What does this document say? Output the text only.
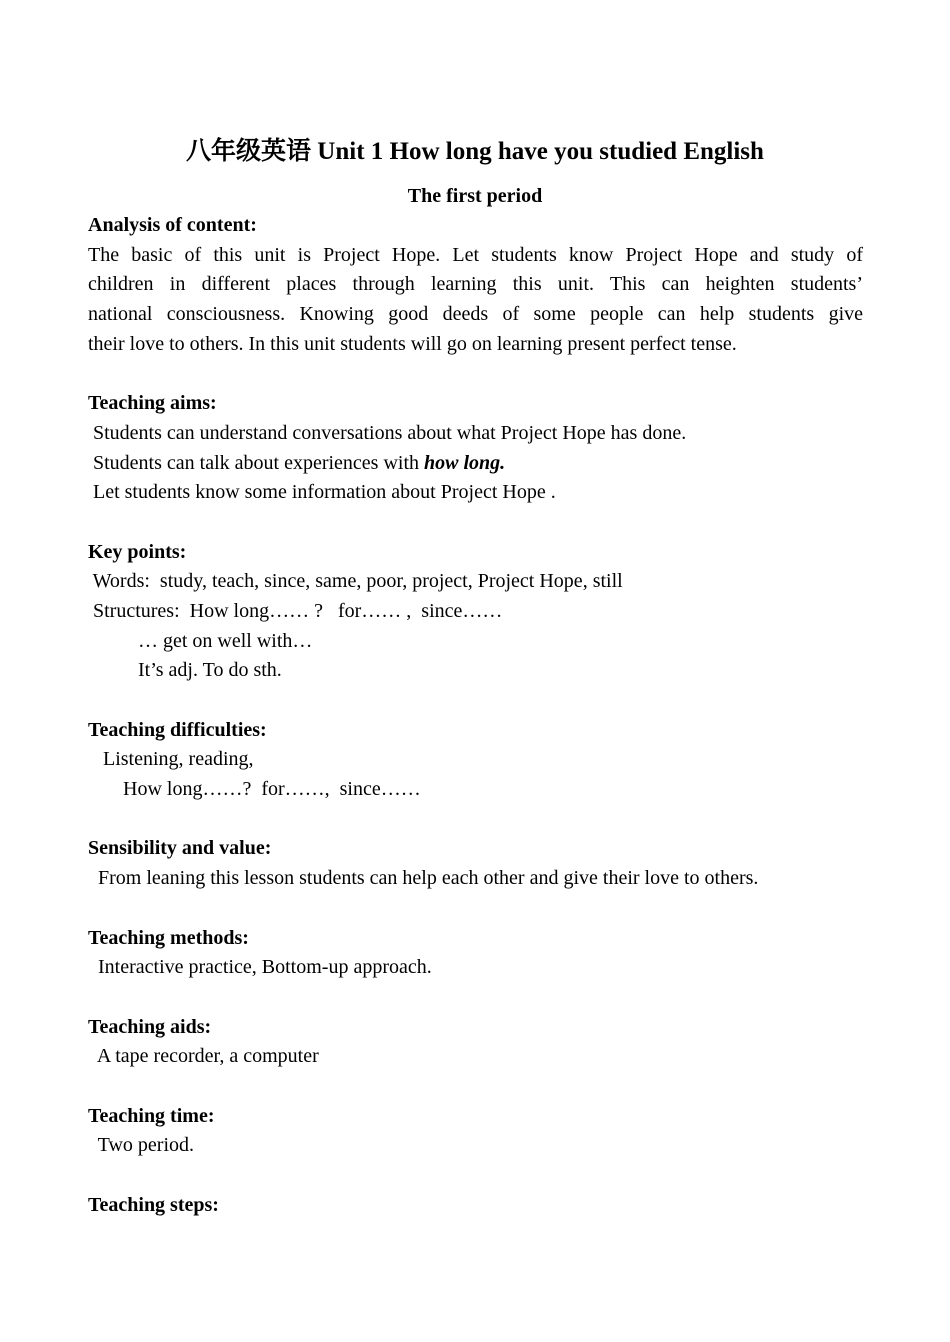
八年级英语 Unit 1 How long have you studied English
The first period
Analysis of content:
The basic of this unit is Project Hope. Let students know Project Hope and study of
children in different places through learning this unit. This can heighten students’
national consciousness. Knowing good deeds of some people can help students give
their love to others. In this unit students will go on learning present perfect tense.
Teaching aims:
Students can understand conversations about what Project Hope has done.
Students can talk about experiences with how long.
Let students know some information about Project Hope .
Key points:
Words:  study, teach, since, same, poor, project, Project Hope, still
Structures:  How long…… ?   for…… ,  since……
… get on well with…
It’s adj. To do sth.
Teaching difficulties:
Listening, reading,
How long……?  for……,  since……
Sensibility and value:
From leaning this lesson students can help each other and give their love to others.
Teaching methods:
Interactive practice, Bottom-up approach.
Teaching aids:
A tape recorder, a computer
Teaching time:
Two period.
Teaching steps:
